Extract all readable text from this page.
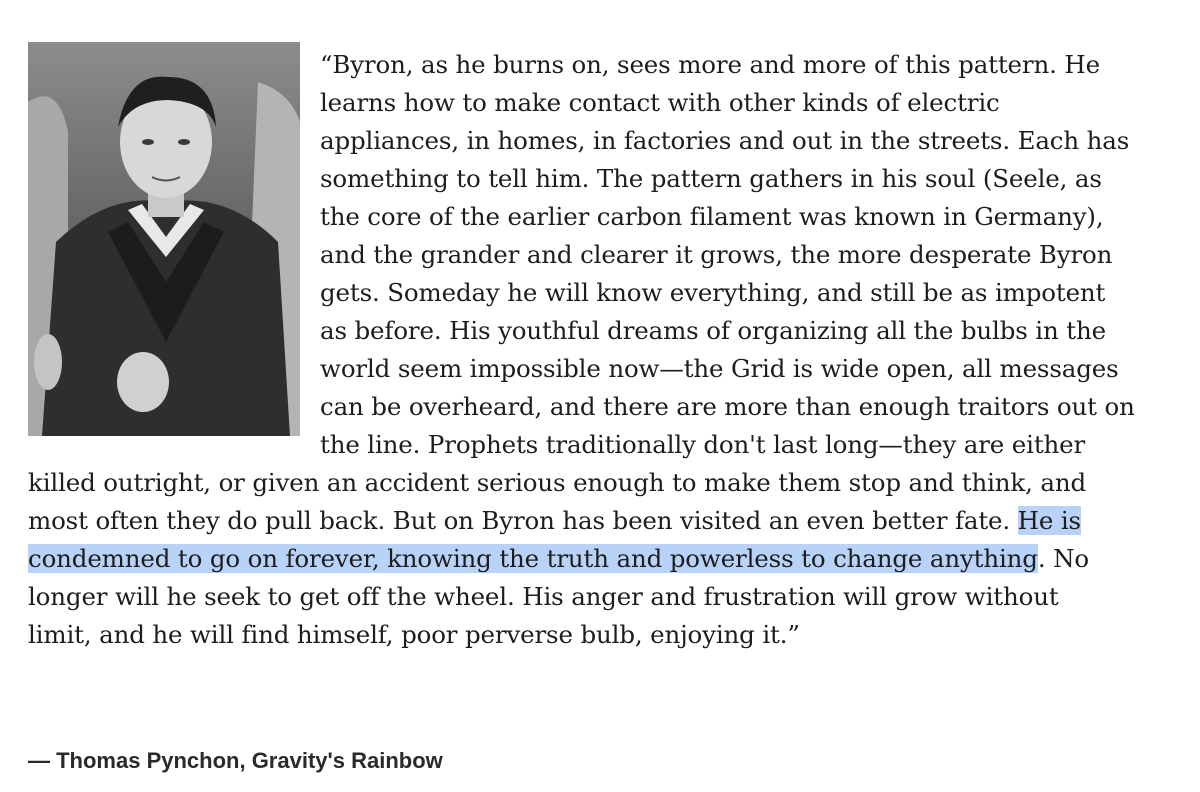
“Byron, as he burns on, sees more and more of this pattern. He
learns how to make contact with other kinds of electric
appliances, in homes, in factories and out in the streets. Each has
something to tell him. The pattern gathers in his soul (Seele, as
the core of the earlier carbon filament was known in Germany),
and the grander and clearer it grows, the more desperate Byron
gets. Someday he will know everything, and still be as impotent
as before. His youthful dreams of organizing all the bulbs in the
world seem impossible now—the Grid is wide open, all messages
can be overheard, and there are more than enough traitors out on
the line. Prophets traditionally don't last long—they are either
killed outright, or given an accident serious enough to make them stop and think, and
most often they do pull back. But on Byron has been visited an even better fate. He is
condemned to go on forever, knowing the truth and powerless to change anything. No
longer will he seek to get off the wheel. His anger and frustration will grow without
limit, and he will find himself, poor perverse bulb, enjoying it.”
— Thomas Pynchon, Gravity's Rainbow
